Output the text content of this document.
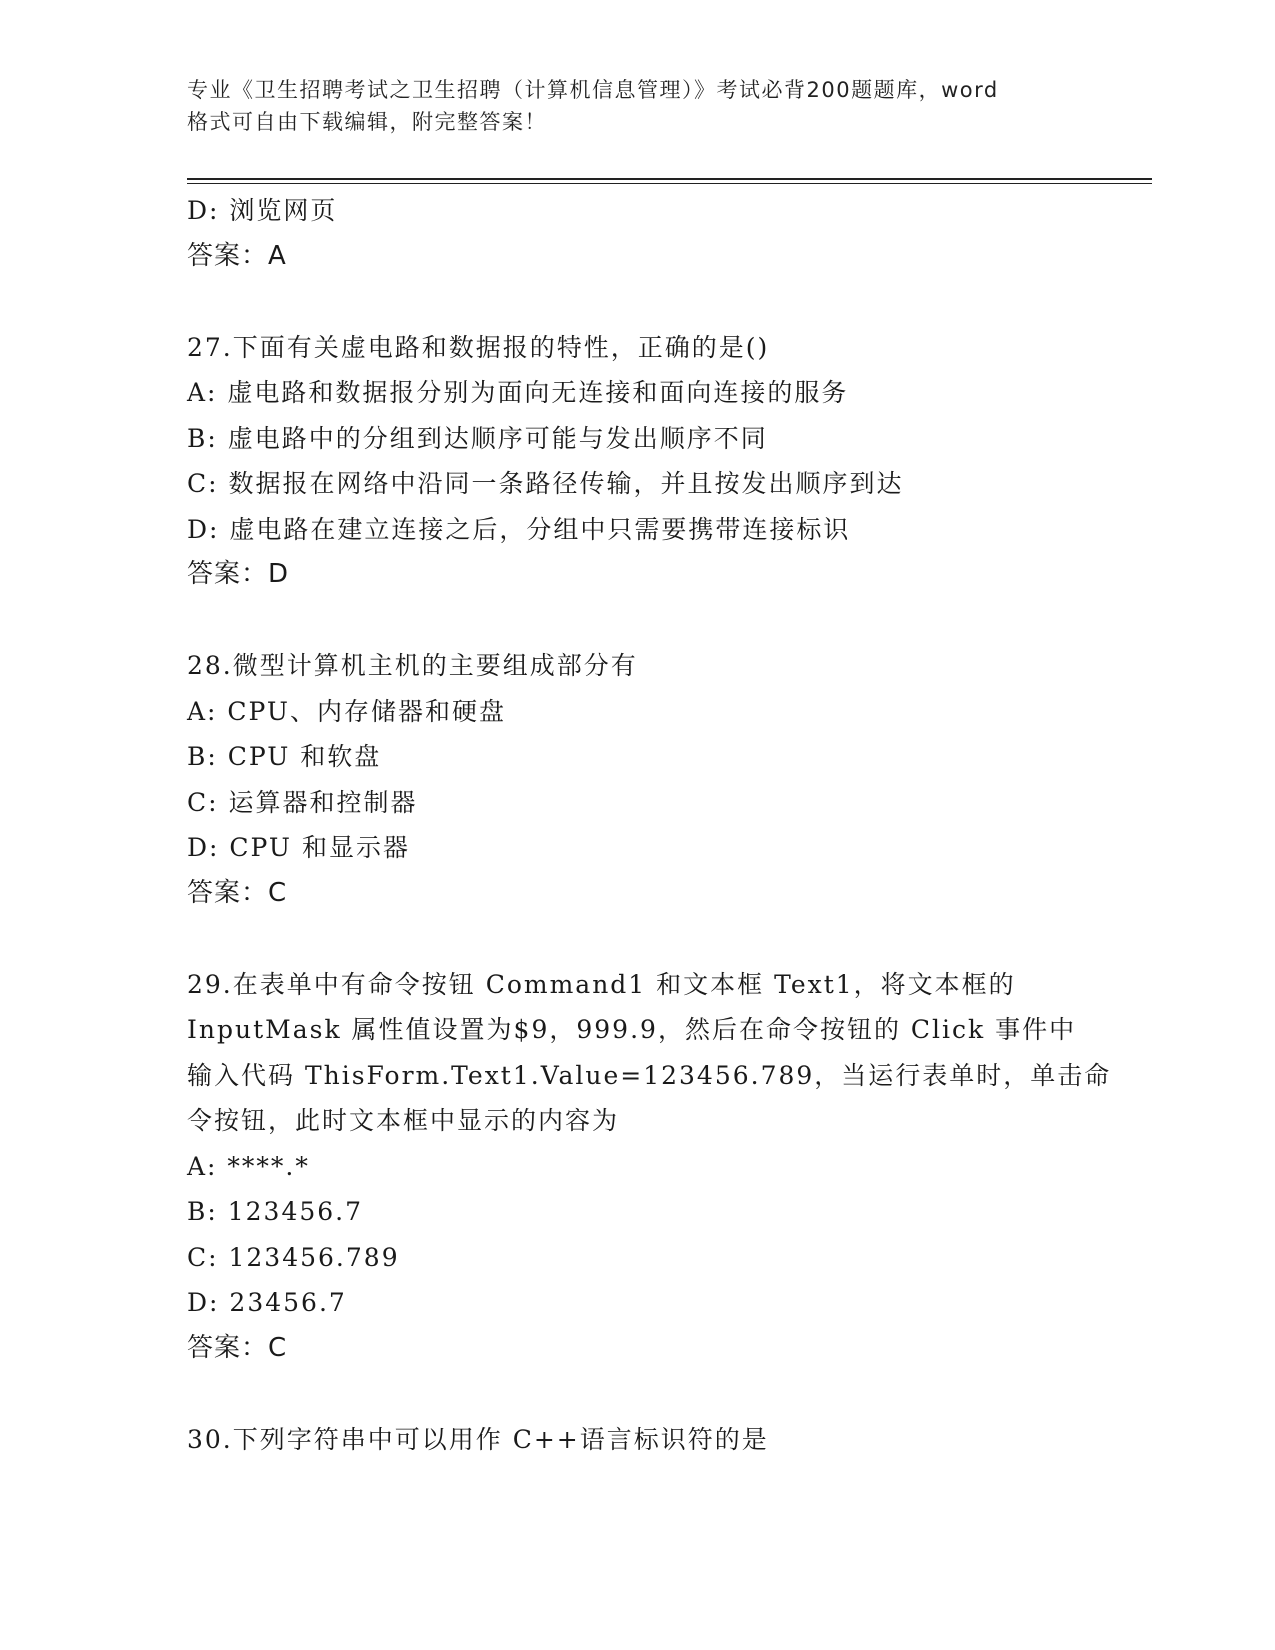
专业《卫生招聘考试之卫生招聘（计算机信息管理）》考试必背200题题库，word
格式可自由下载编辑，附完整答案！
D: 浏览网页
答案：A
27.下面有关虚电路和数据报的特性，正确的是()
A: 虚电路和数据报分别为面向无连接和面向连接的服务
B: 虚电路中的分组到达顺序可能与发出顺序不同
C: 数据报在网络中沿同一条路径传输，并且按发出顺序到达
D: 虚电路在建立连接之后，分组中只需要携带连接标识
答案：D
28.微型计算机主机的主要组成部分有
A: CPU、内存储器和硬盘
B: CPU 和软盘
C: 运算器和控制器
D: CPU 和显示器
答案：C
29.在表单中有命令按钮 Command1 和文本框 Text1，将文本框的
InputMask 属性值设置为$9，999.9，然后在命令按钮的 Click 事件中
输入代码 ThisForm.Text1.Value=123456.789，当运行表单时，单击命
令按钮，此时文本框中显示的内容为
A: ****.*
B: 123456.7
C: 123456.789
D: 23456.7
答案：C
30.下列字符串中可以用作 C++语言标识符的是
